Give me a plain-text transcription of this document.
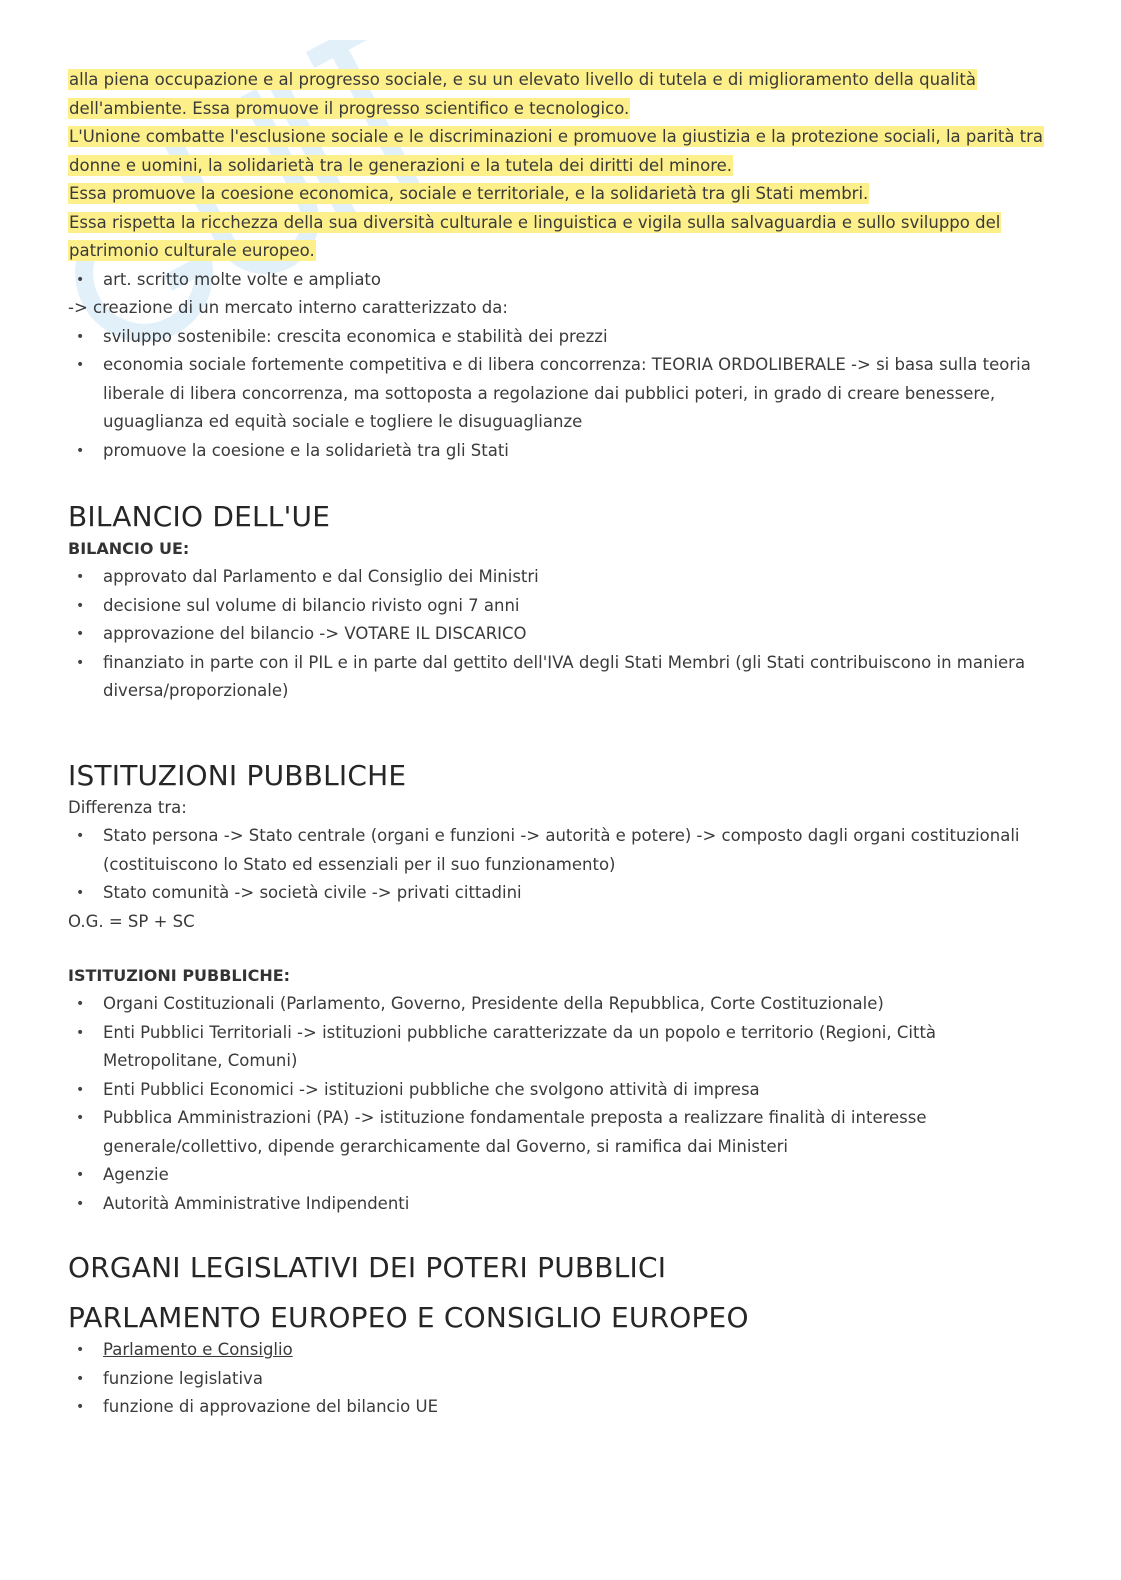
alla piena occupazione e al progresso sociale, e su un elevato livello di tutela e di miglioramento della qualità

dell'ambiente. Essa promuove il progresso scientifico e tecnologico.

L'Unione combatte l'esclusione sociale e le discriminazioni e promuove la giustizia e la protezione sociali, la parità tra

donne e uomini, la solidarietà tra le generazioni e la tutela dei diritti del minore.

Essa promuove la coesione economica, sociale e territoriale, e la solidarietà tra gli Stati membri.

Essa rispetta la ricchezza della sua diversità culturale e linguistica e vigila sulla salvaguardia e sullo sviluppo del

patrimonio culturale europeo.

• art. scritto molte volte e ampliato

-> creazione di un mercato interno caratterizzato da:

• sviluppo sostenibile: crescita economica e stabilità dei prezzi
• economia sociale fortemente competitiva e di libera concorrenza: TEORIA ORDOLIBERALE -> si basa sulla teoria liberale di libera concorrenza, ma sottoposta a regolazione dai pubblici poteri, in grado di creare benessere, uguaglianza ed equità sociale e togliere le disuguaglianze
• promuove la coesione e la solidarietà tra gli Stati
BILANCIO DELL'UE

BILANCIO UE:

• approvato dal Parlamento e dal Consiglio dei Ministri
• decisione sul volume di bilancio rivisto ogni 7 anni
• approvazione del bilancio -> VOTARE IL DISCARICO
• finanziato in parte con il PIL e in parte dal gettito dell'IVA degli Stati Membri (gli Stati contribuiscono in maniera diversa/proporzionale)
ISTITUZIONI PUBBLICHE

Differenza tra:

• Stato persona -> Stato centrale (organi e funzioni -> autorità e potere) -> composto dagli organi costituzionali (costituiscono lo Stato ed essenziali per il suo funzionamento)
• Stato comunità -> società civile -> privati cittadini

O.G. = SP + SC

ISTITUZIONI PUBBLICHE:

• Organi Costituzionali (Parlamento, Governo, Presidente della Repubblica, Corte Costituzionale)
• Enti Pubblici Territoriali -> istituzioni pubbliche caratterizzate da un popolo e territorio (Regioni, Città Metropolitane, Comuni)
• Enti Pubblici Economici -> istituzioni pubbliche che svolgono attività di impresa
• Pubblica Amministrazioni (PA) -> istituzione fondamentale preposta a realizzare finalità di interesse generale/collettivo, dipende gerarchicamente dal Governo, si ramifica dai Ministeri
• Agenzie
• Autorità Amministrative Indipendenti
ORGANI LEGISLATIVI DEI POTERI PUBBLICI
PARLAMENTO EUROPEO E CONSIGLIO EUROPEO
• Parlamento e Consiglio
• funzione legislativa
• funzione di approvazione del bilancio UE
